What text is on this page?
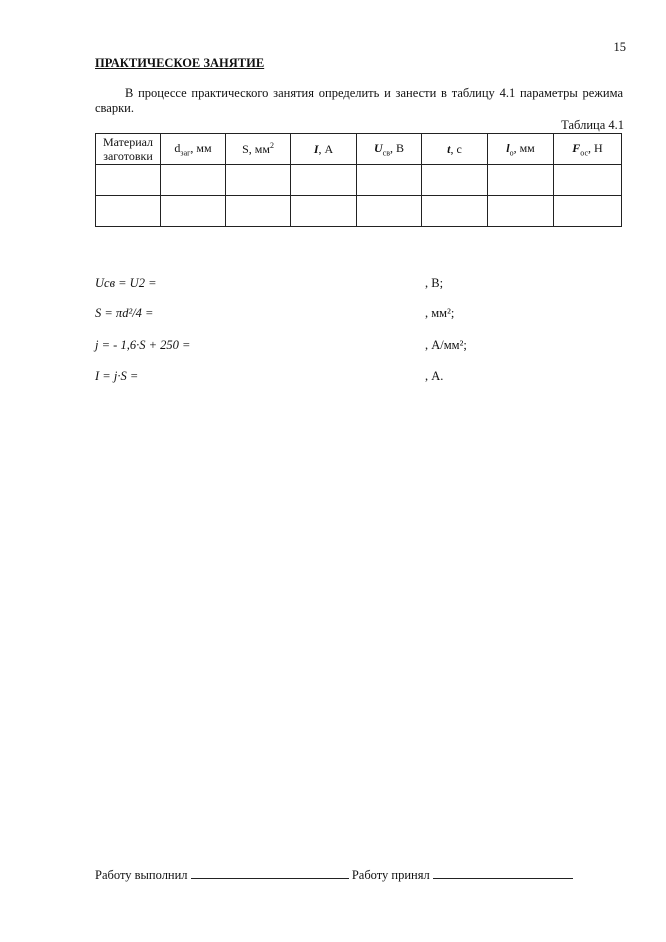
15
ПРАКТИЧЕСКОЕ ЗАНЯТИЕ
В процессе практического занятия определить и занести в таблицу 4.1 параметры режима сварки.
Таблица 4.1
Материал
заготовки	$d_{заг}$, мм	S, $мм^2$	I, А	$U_{св}$, В	t, с	$l_о$, мм	$F_{ос}$, Н

Uсв = U2 =	, В;
S = πd²/4 =	, мм²;
j = - 1,6·S + 250 =	, А/мм²;
I = j·S =	, А.
Работу выполнил	Работу принял
